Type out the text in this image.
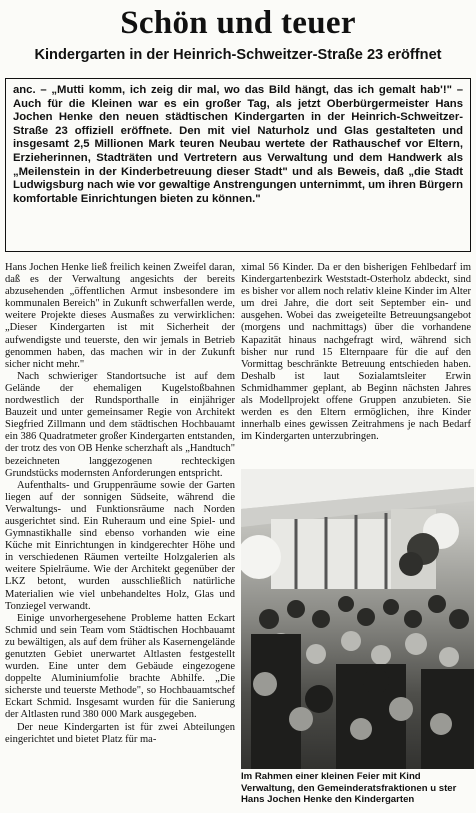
Schön und teuer
Kindergarten in der Heinrich-Schweitzer-Straße 23 eröffnet
anc. – „Mutti komm, ich zeig dir mal, wo das Bild hängt, das ich gemalt hab'!" – Auch für die Kleinen war es ein großer Tag, als jetzt Oberbürgermeister Hans Jochen Henke den neuen städtischen Kindergarten in der Heinrich-Schweitzer-Straße 23 offiziell eröffnete. Den mit viel Naturholz und Glas gestalteten und insgesamt 2,5 Millionen Mark teuren Neubau wertete der Rathauschef vor Eltern, Erzieherinnen, Stadträten und Vertretern aus Verwaltung und dem Handwerk als „Meilenstein in der Kinderbetreuung dieser Stadt" und als Beweis, daß „die Stadt Ludwigsburg nach wie vor gewaltige Anstrengungen unternimmt, um ihren Bürgern komfortable Einrichtungen bieten zu können."

Hans Jochen Henke ließ freilich keinen Zweifel daran, daß es der Verwaltung angesichts der bereits abzusehenden „öffentlichen Armut insbesondere im kommunalen Bereich" in Zukunft schwerfallen werde, weitere Projekte dieses Ausmaßes zu verwirklichen: „Dieser Kindergarten ist mit Sicherheit der aufwendigste und teuerste, den wir jemals in Betrieb genommen haben, das machen wir in der Zukunft sicher nicht mehr."

Nach schwieriger Standortsuche ist auf dem Gelände der ehemaligen Kugelstoßbahnen nordwestlich der Rundsporthalle in einjähriger Bauzeit und unter gemeinsamer Regie von Architekt Siegfried Zillmann und dem städtischen Hochbauamt ein 386 Quadratmeter großer Kindergarten entstanden, der trotz des von OB Henke scherzhaft als „Handtuch" bezeichneten langgezogenen rechteckigen Grundstücks modernsten Anforderungen entspricht.

Aufenthalts- und Gruppenräume sowie der Garten liegen auf der sonnigen Südseite, während die Verwaltungs- und Funktionsräume nach Norden ausgerichtet sind. Ein Ruheraum und eine Spiel- und Gymnastikhalle sind ebenso vorhanden wie eine Küche mit Einrichtungen in kindgerechter Höhe und in verschiedenen Räumen verteilte Holzgalerien als weitere Spielräume. Wie der Architekt gegenüber der LKZ betont, wurden ausschließlich natürliche Materialien wie viel unbehandeltes Holz, Glas und Tonziegel verwandt.

Einige unvorhergesehene Probleme hatten Eckart Schmid und sein Team vom Städtischen Hochbauamt zu bewältigen, als auf dem früher als Kasernengelände genutzten Gebiet unerwartet Altlasten festgestellt wurden. Eine unter dem Gebäude eingezogene doppelte Aluminiumfolie brachte Abhilfe. „Die sicherste und teuerste Methode", so Hochbauamtschef Eckart Schmid. Insgesamt wurden für die Sanierung der Altlasten rund 380 000 Mark ausgegeben.

Der neue Kindergarten ist für zwei Abteilungen eingerichtet und bietet Platz für ma-

ximal 56 Kinder. Da er den bisherigen Fehlbedarf im Kindergartenbezirk Weststadt-Osterholz abdeckt, sind es bisher vor allem noch relativ kleine Kinder im Alter um drei Jahre, die dort seit September ein- und ausgehen. Wobei das zweigeteilte Betreuungsangebot (morgens und nachmittags) über die vorhandene Kapazität hinaus nachgefragt wird, während sich bisher nur rund 15 Elternpaare für die auf den Vormittag beschränkte Betreuung entschieden haben. Deshalb ist laut Sozialamtsleiter Erwin Schmidhammer geplant, ab Beginn nächsten Jahres als Modellprojekt offene Gruppen anzubieten. Sie werden es den Eltern ermöglichen, ihre Kinder innerhalb eines gewissen Zeitrahmens je nach Bedarf im Kindergarten unterzubringen.

Im Rahmen einer kleinen Feier mit Kind Verwaltung, den Gemeinderatsfraktionen u ster Hans Jochen Henke den Kindergarten
